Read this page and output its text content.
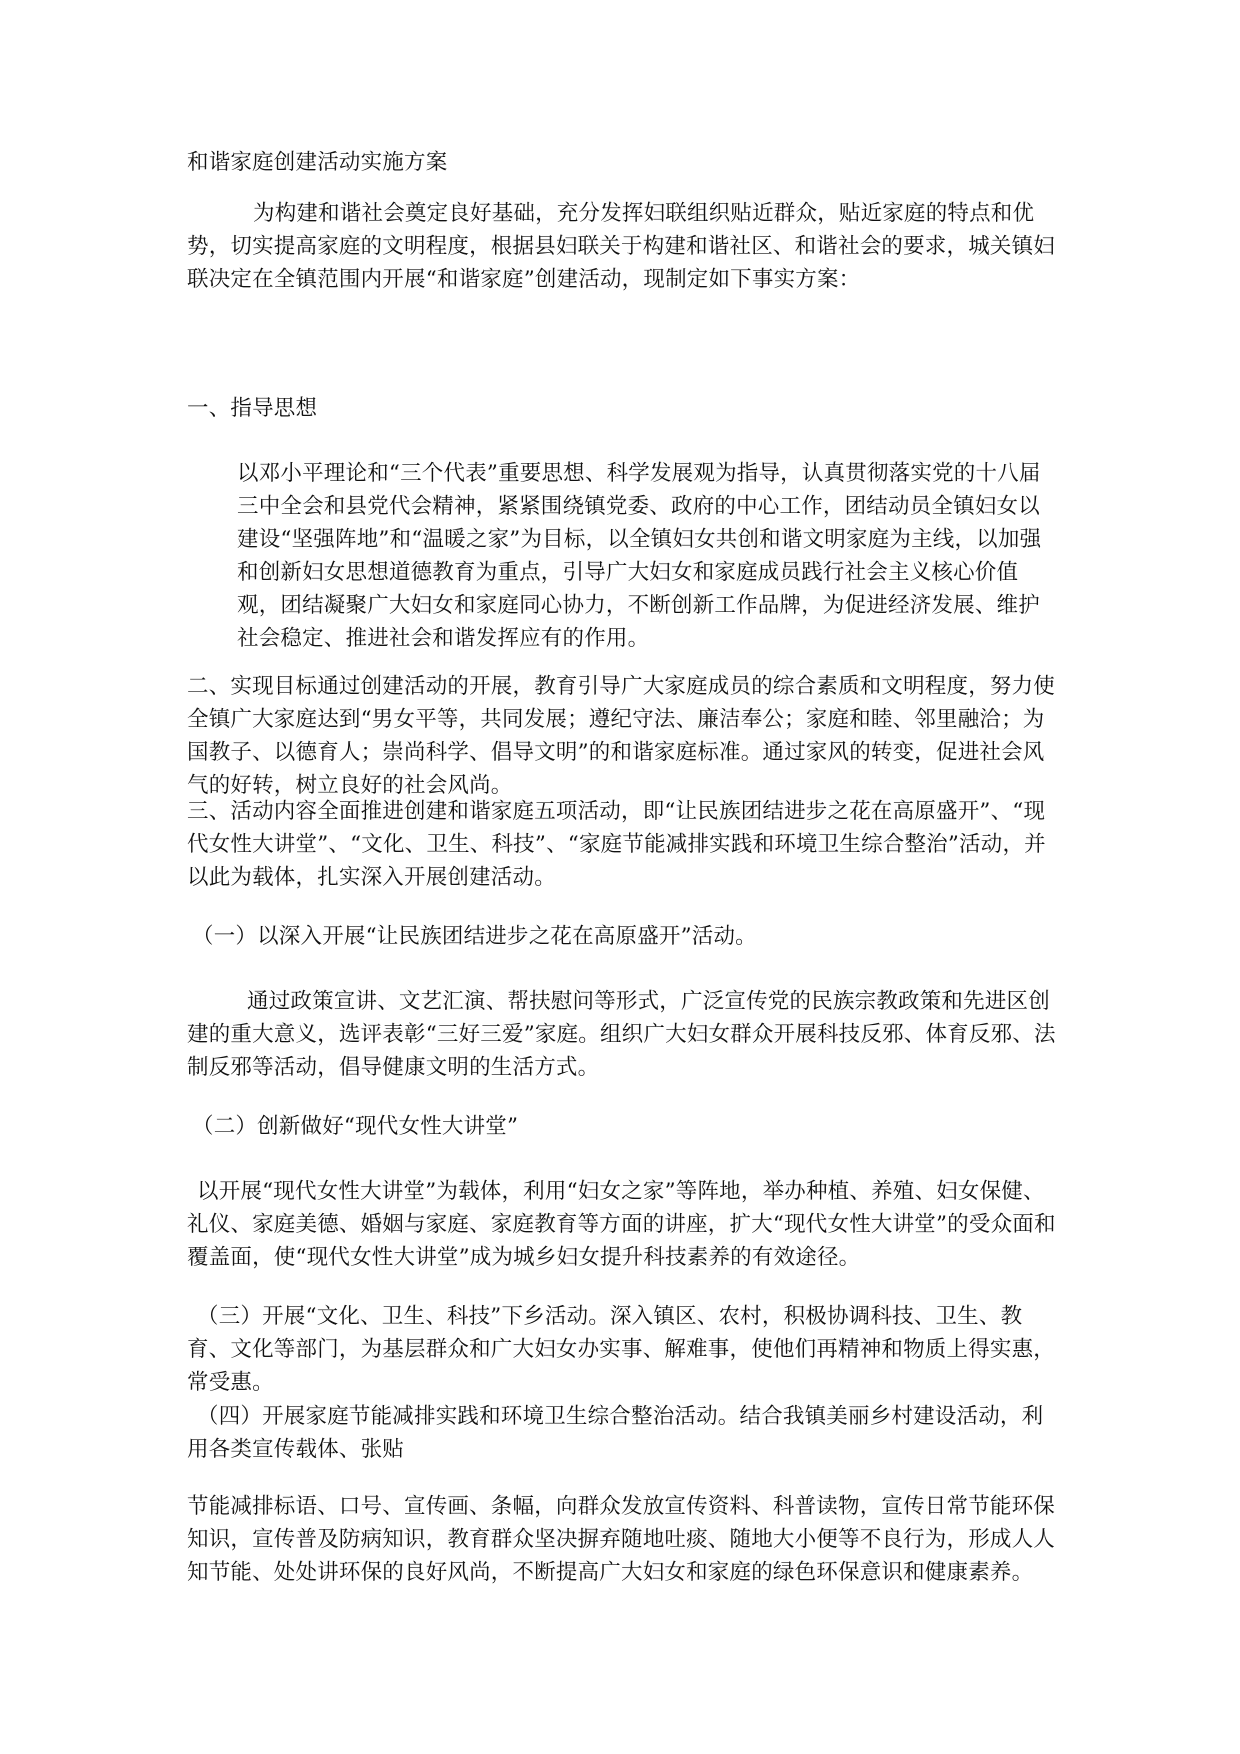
和谐家庭创建活动实施方案

为构建和谐社会奠定良好基础，充分发挥妇联组织贴近群众，贴近家庭的特点和优势，切实提高家庭的文明程度，根据县妇联关于构建和谐社区、和谐社会的要求，城关镇妇联决定在全镇范围内开展“和谐家庭”创建活动，现制定如下事实方案：

一、指导思想

以邓小平理论和“三个代表”重要思想、科学发展观为指导，认真贯彻落实党的十八届三中全会和县党代会精神，紧紧围绕镇党委、政府的中心工作，团结动员全镇妇女以建设“坚强阵地”和“温暖之家”为目标，以全镇妇女共创和谐文明家庭为主线，以加强和创新妇女思想道德教育为重点，引导广大妇女和家庭成员践行社会主义核心价值观，团结凝聚广大妇女和家庭同心协力，不断创新工作品牌，为促进经济发展、维护社会稳定、推进社会和谐发挥应有的作用。

二、实现目标通过创建活动的开展，教育引导广大家庭成员的综合素质和文明程度，努力使全镇广大家庭达到“男女平等，共同发展；遵纪守法、廉洁奉公；家庭和睦、邻里融洽；为国教子、以德育人；崇尚科学、倡导文明”的和谐家庭标准。通过家风的转变，促进社会风气的好转，树立良好的社会风尚。

三、活动内容全面推进创建和谐家庭五项活动，即“让民族团结进步之花在高原盛开”、“现代女性大讲堂”、“文化、卫生、科技”、“家庭节能减排实践和环境卫生综合整治”活动，并以此为载体，扎实深入开展创建活动。

（一）以深入开展“让民族团结进步之花在高原盛开”活动。

通过政策宣讲、文艺汇演、帮扶慰问等形式，广泛宣传党的民族宗教政策和先进区创建的重大意义，选评表彰“三好三爱”家庭。组织广大妇女群众开展科技反邪、体育反邪、法制反邪等活动，倡导健康文明的生活方式。

（二）创新做好“现代女性大讲堂”

以开展“现代女性大讲堂”为载体，利用“妇女之家”等阵地，举办种植、养殖、妇女保健、礼仪、家庭美德、婚姻与家庭、家庭教育等方面的讲座，扩大“现代女性大讲堂”的受众面和覆盖面，使“现代女性大讲堂”成为城乡妇女提升科技素养的有效途径。

（三）开展“文化、卫生、科技”下乡活动。深入镇区、农村，积极协调科技、卫生、教育、文化等部门，为基层群众和广大妇女办实事、解难事，使他们再精神和物质上得实惠，常受惠。

（四）开展家庭节能减排实践和环境卫生综合整治活动。结合我镇美丽乡村建设活动，利用各类宣传载体、张贴

节能减排标语、口号、宣传画、条幅，向群众发放宣传资料、科普读物，宣传日常节能环保知识，宣传普及防病知识，教育群众坚决摒弃随地吐痰、随地大小便等不良行为，形成人人知节能、处处讲环保的良好风尚，不断提高广大妇女和家庭的绿色环保意识和健康素养。
